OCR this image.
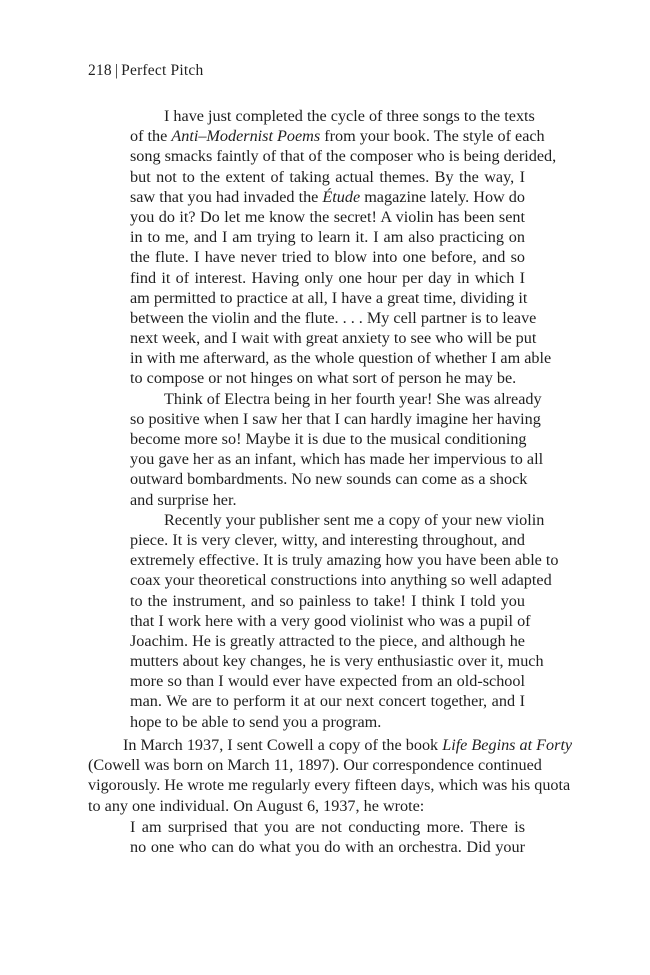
218 | Perfect Pitch
I have just completed the cycle of three songs to the texts
of the Anti–Modernist Poems from your book. The style of each
song smacks faintly of that of the composer who is being derided,
but not to the extent of taking actual themes. By the way, I
saw that you had invaded the Étude magazine lately. How do
you do it? Do let me know the secret! A violin has been sent
in to me, and I am trying to learn it. I am also practicing on
the flute. I have never tried to blow into one before, and so
find it of interest. Having only one hour per day in which I
am permitted to practice at all, I have a great time, dividing it
between the violin and the flute. . . . My cell partner is to leave
next week, and I wait with great anxiety to see who will be put
in with me afterward, as the whole question of whether I am able
to compose or not hinges on what sort of person he may be.
Think of Electra being in her fourth year! She was already
so positive when I saw her that I can hardly imagine her having
become more so! Maybe it is due to the musical conditioning
you gave her as an infant, which has made her impervious to all
outward bombardments. No new sounds can come as a shock
and surprise her.
Recently your publisher sent me a copy of your new violin
piece. It is very clever, witty, and interesting throughout, and
extremely effective. It is truly amazing how you have been able to
coax your theoretical constructions into anything so well adapted
to the instrument, and so painless to take! I think I told you
that I work here with a very good violinist who was a pupil of
Joachim. He is greatly attracted to the piece, and although he
mutters about key changes, he is very enthusiastic over it, much
more so than I would ever have expected from an old-school
man. We are to perform it at our next concert together, and I
hope to be able to send you a program.
In March 1937, I sent Cowell a copy of the book Life Begins at Forty
(Cowell was born on March 11, 1897). Our correspondence continued
vigorously. He wrote me regularly every fifteen days, which was his quota
to any one individual. On August 6, 1937, he wrote:
I am surprised that you are not conducting more. There is
no one who can do what you do with an orchestra. Did your
